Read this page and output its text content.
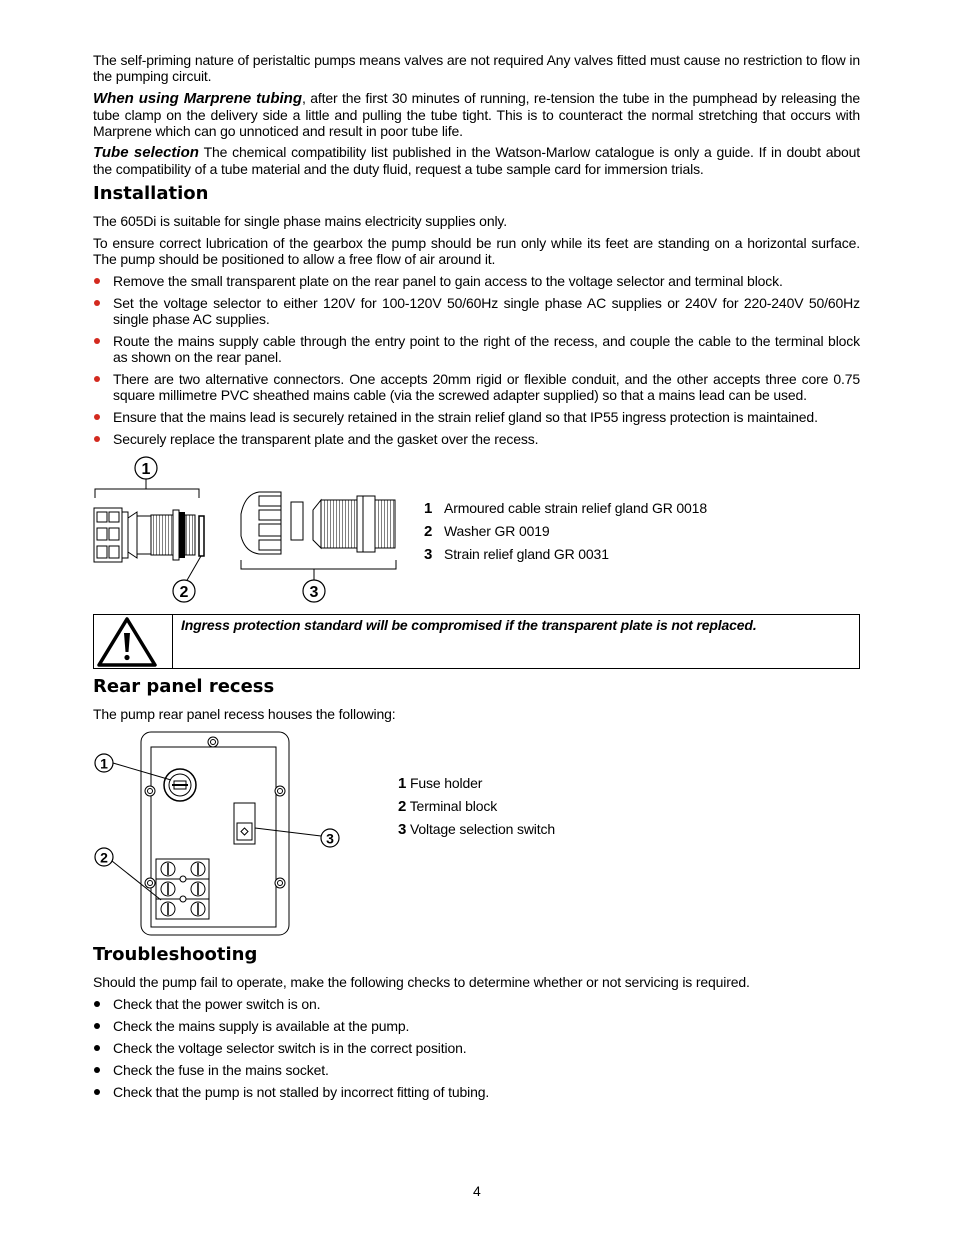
The self-priming nature of peristaltic pumps means valves are not required Any valves fitted must cause no restriction to flow in the pumping circuit.

When using Marprene tubing, after the first 30 minutes of running, re-tension the tube in the pumphead by releasing the tube clamp on the delivery side a little and pulling the tube tight. This is to counteract the normal stretching that occurs with Marprene which can go unnoticed and result in poor tube life.

Tube selection The chemical compatibility list published in the Watson-Marlow catalogue is only a guide. If in doubt about the compatibility of a tube material and the duty fluid, request a tube sample card for immersion trials.

Installation

The 605Di is suitable for single phase mains electricity supplies only.

To ensure correct lubrication of the gearbox the pump should be run only while its feet are standing on a horizontal surface. The pump should be positioned to allow a free flow of air around it.

Remove the small transparent plate on the rear panel to gain access to the voltage selector and terminal block.
Set the voltage selector to either 120V for 100-120V 50/60Hz single phase AC supplies or 240V for 220-240V 50/60Hz single phase AC supplies.
Route the mains supply cable through the entry point to the right of the recess, and couple the cable to the terminal block as shown on the rear panel.
There are two alternative connectors. One accepts 20mm rigid or flexible conduit, and the other accepts three core 0.75 square millimetre PVC sheathed mains cable (via the screwed adapter supplied) so that a mains lead can be used.
Ensure that the mains lead is securely retained in the strain relief gland so that IP55 ingress protection is maintained.
Securely replace the transparent plate and the gasket over the recess.
1
2	3
1 Armoured cable strain relief gland GR 0018
2 Washer GR 0019
3 Strain relief gland GR 0031
Ingress protection standard will be compromised if the transparent plate is not replaced.
Rear panel recess

The pump rear panel recess houses the following:

1
2
3
1 Fuse holder
2 Terminal block
3 Voltage selection switch
Troubleshooting

Should the pump fail to operate, make the following checks to determine whether or not servicing is required.

Check that the power switch is on.
Check the mains supply is available at the pump.
Check the voltage selector switch is in the correct position.
Check the fuse in the mains socket.
Check that the pump is not stalled by incorrect fitting of tubing.
4
